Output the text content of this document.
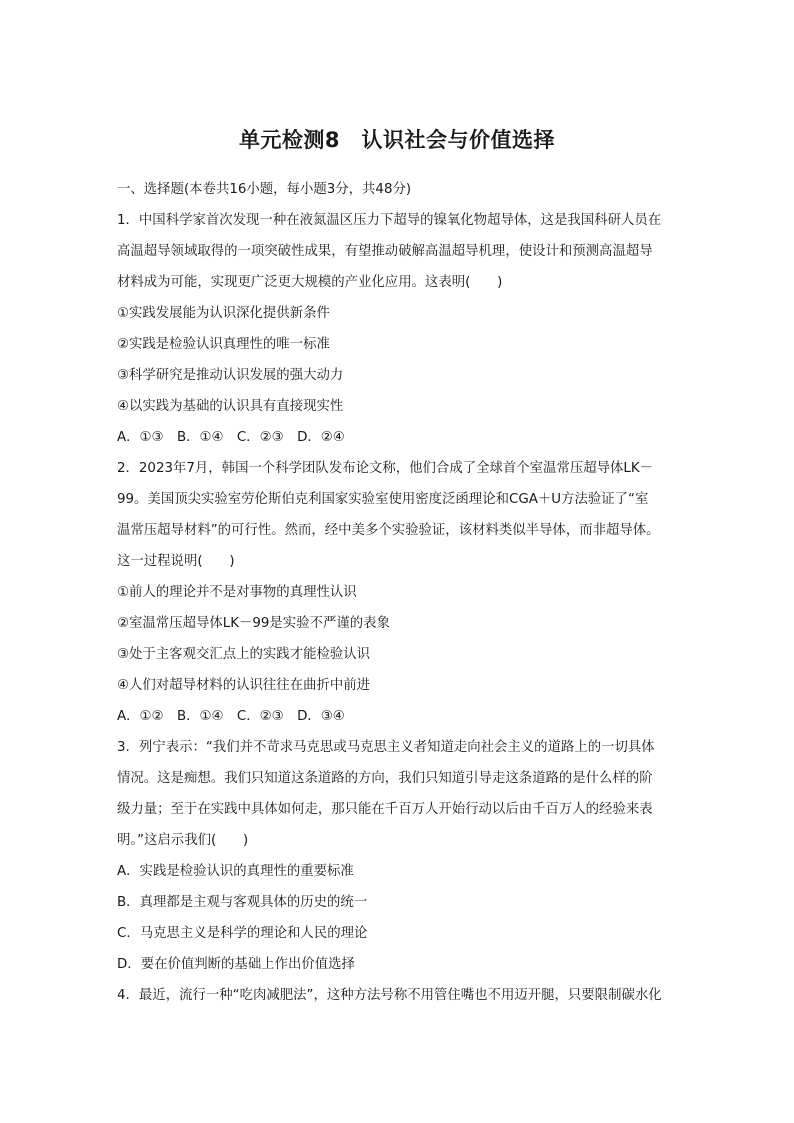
单元检测8　认识社会与价值选择
一、选择题(本卷共16小题，每小题3分，共48分)
1．中国科学家首次发现一种在液氮温区压力下超导的镍氧化物超导体，这是我国科研人员在
高温超导领域取得的一项突破性成果，有望推动破解高温超导机理，使设计和预测高温超导
材料成为可能，实现更广泛更大规模的产业化应用。这表明(　　)
①实践发展能为认识深化提供新条件
②实践是检验认识真理性的唯一标准
③科学研究是推动认识发展的强大动力
④以实践为基础的认识具有直接现实性
A．①③　B．①④　C．②③　D．②④
2．2023年7月，韩国一个科学团队发布论文称，他们合成了全球首个室温常压超导体LK－
99。美国顶尖实验室劳伦斯伯克利国家实验室使用密度泛函理论和CGA＋U方法验证了“室
温常压超导材料”的可行性。然而，经中美多个实验验证，该材料类似半导体，而非超导体。
这一过程说明(　　)
①前人的理论并不是对事物的真理性认识
②室温常压超导体LK－99是实验不严谨的表象
③处于主客观交汇点上的实践才能检验认识
④人们对超导材料的认识往往在曲折中前进
A．①②　B．①④　C．②③　D．③④
3．列宁表示：“我们并不苛求马克思或马克思主义者知道走向社会主义的道路上的一切具体
情况。这是痴想。我们只知道这条道路的方向，我们只知道引导走这条道路的是什么样的阶
级力量；至于在实践中具体如何走，那只能在千百万人开始行动以后由千百万人的经验来表
明。”这启示我们(　　)
A．实践是检验认识的真理性的重要标准
B．真理都是主观与客观具体的历史的统一
C．马克思主义是科学的理论和人民的理论
D．要在价值判断的基础上作出价值选择
4．最近，流行一种“吃肉减肥法”，这种方法号称不用管住嘴也不用迈开腿，只要限制碳水化
